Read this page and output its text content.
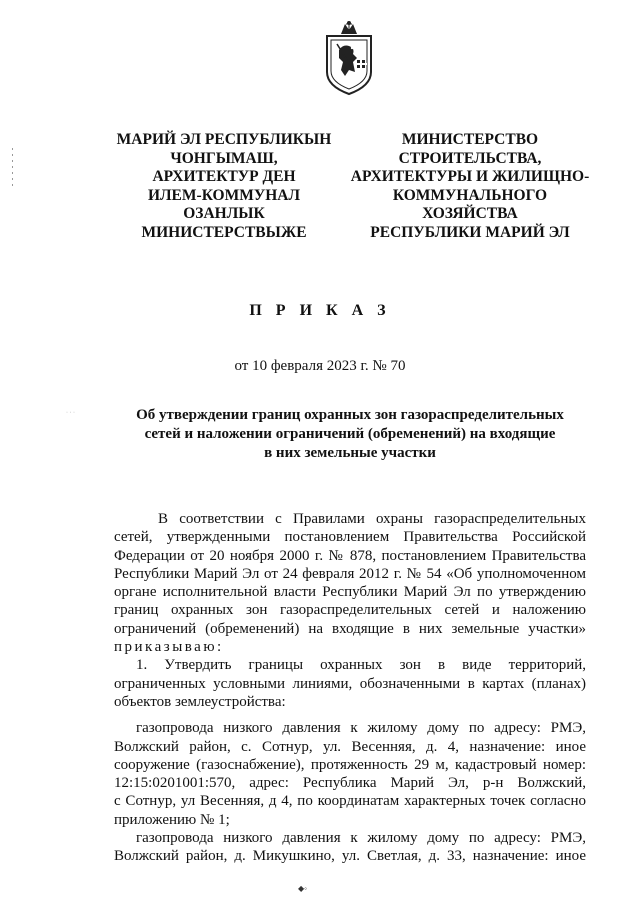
МАРИЙ ЭЛ РЕСПУБЛИКЫН
ЧОНГЫМАШ,
АРХИТЕКТУР ДЕН
ИЛЕМ-КОММУНАЛ
ОЗАНЛЫК
МИНИСТЕРСТВЫЖЕ
МИНИСТЕРСТВО
СТРОИТЕЛЬСТВА,
АРХИТЕКТУРЫ И ЖИЛИЩНО-
КОММУНАЛЬНОГО
ХОЗЯЙСТВА
РЕСПУБЛИКИ МАРИЙ ЭЛ
· · ·
П Р И К А З
от 10 февраля 2023 г. № 70
Об утверждении границ охранных зон газораспределительных
сетей и наложении ограничений (обременений) на входящие
в них земельные участки
В соответствии с Правилами охраны газораспределительных
сетей, утвержденными постановлением Правительства Российской
Федерации от 20 ноября 2000 г. № 878, постановлением Правительства
Республики Марий Эл от 24 февраля 2012 г. № 54 «Об уполномоченном
органе исполнительной власти Республики Марий Эл по утверждению
границ охранных зон газораспределительных сетей и наложению
ограничений (обременений) на входящие в них земельные участки»
приказываю:
1. Утвердить границы охранных зон в виде территорий,
ограниченных условными линиями, обозначенными в картах (планах)
объектов землеустройства:
газопровода низкого давления к жилому дому по адресу: РМЭ,
Волжский район, с. Сотнур, ул. Весенняя, д. 4, назначение: иное
сооружение (газоснабжение), протяженность 29 м, кадастровый номер:
12:15:0201001:570, адрес: Республика Марий Эл, р-н Волжский,
с Сотнур, ул Весенняя, д 4, по координатам характерных точек согласно
приложению № 1;
газопровода низкого давления к жилому дому по адресу: РМЭ,
Волжский район, д. Микушкино, ул. Светлая, д. 33, назначение: иное
◆◦
